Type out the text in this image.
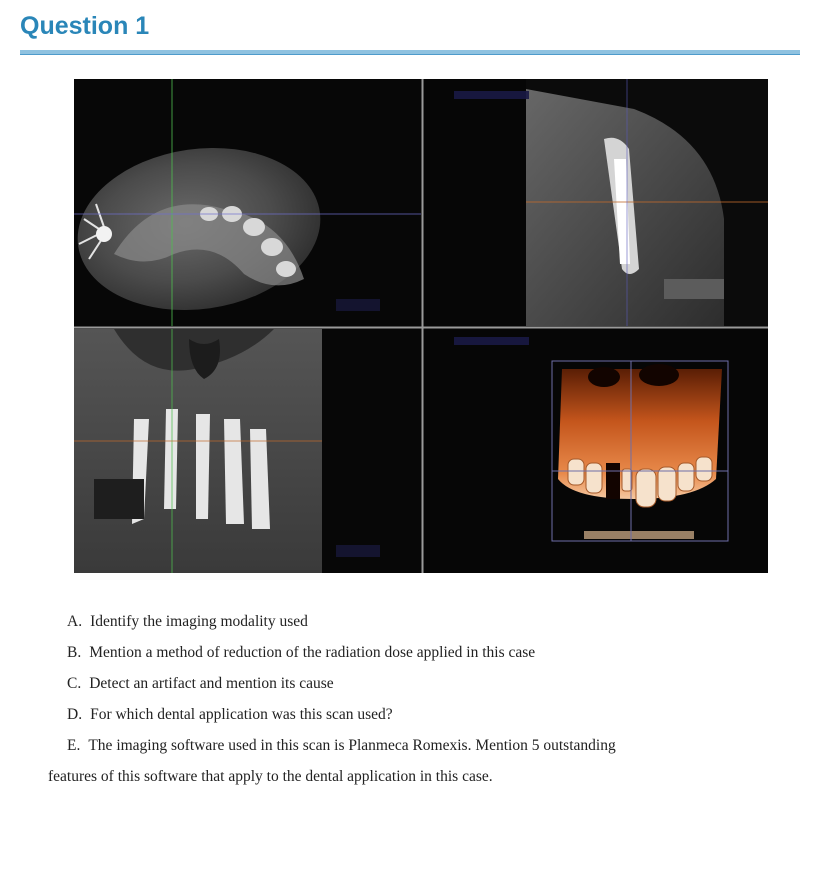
Question 1
A. Identify the imaging modality used
B. Mention a method of reduction of the radiation dose applied in this case
C. Detect an artifact and mention its cause
D. For which dental application was this scan used?
E. The imaging software used in this scan is Planmeca Romexis. Mention 5 outstanding
features of this software that apply to the dental application in this case.
